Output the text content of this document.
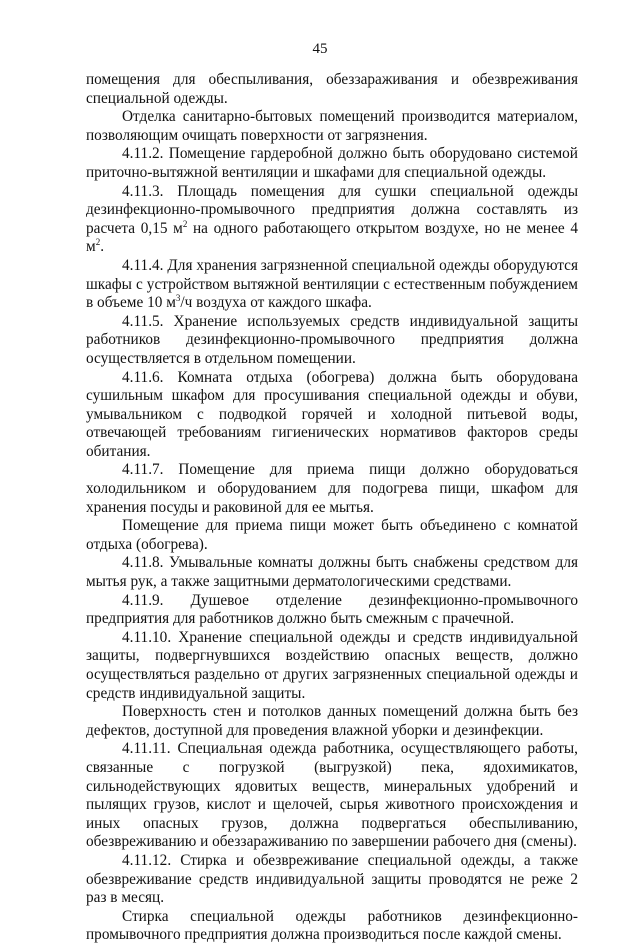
45

помещения для обеспыливания, обеззараживания и обезвреживания специальной одежды.

Отделка санитарно-бытовых помещений производится материалом, позволяющим очищать поверхности от загрязнения.

4.11.2. Помещение гардеробной должно быть оборудовано системой приточно-вытяжной вентиляции и шкафами для специальной одежды.

4.11.3. Площадь помещения для сушки специальной одежды дезинфекционно-промывочного предприятия должна составлять из расчета 0,15 $м^2$ на одного работающего открытом воздухе, но не менее 4 $м^2$.

4.11.4. Для хранения загрязненной специальной одежды оборудуются шкафы с устройством вытяжной вентиляции с естественным побуждением в объеме 10 $м^3/ч$ воздуха от каждого шкафа.

4.11.5. Хранение используемых средств индивидуальной защиты работников дезинфекционно-промывочного предприятия должна осуществляется в отдельном помещении.

4.11.6. Комната отдыха (обогрева) должна быть оборудована сушильным шкафом для просушивания специальной одежды и обуви, умывальником с подводкой горячей и холодной питьевой воды, отвечающей требованиям гигиенических нормативов факторов среды обитания.

4.11.7. Помещение для приема пищи должно оборудоваться холодильником и оборудованием для подогрева пищи, шкафом для хранения посуды и раковиной для ее мытья.

Помещение для приема пищи может быть объединено с комнатой отдыха (обогрева).

4.11.8. Умывальные комнаты должны быть снабжены средством для мытья рук, а также защитными дерматологическими средствами.

4.11.9. Душевое отделение дезинфекционно-промывочного предприятия для работников должно быть смежным с прачечной.

4.11.10. Хранение специальной одежды и средств индивидуальной защиты, подвергнувшихся воздействию опасных веществ, должно осуществляться раздельно от других загрязненных специальной одежды и средств индивидуальной защиты.

Поверхность стен и потолков данных помещений должна быть без дефектов, доступной для проведения влажной уборки и дезинфекции.

4.11.11. Специальная одежда работника, осуществляющего работы, связанные с погрузкой (выгрузкой) пека, ядохимикатов, сильнодействующих ядовитых веществ, минеральных удобрений и пылящих грузов, кислот и щелочей, сырья животного происхождения и иных опасных грузов, должна подвергаться обеспыливанию, обезвреживанию и обеззараживанию по завершении рабочего дня (смены).

4.11.12. Стирка и обезвреживание специальной одежды, а также обезвреживание средств индивидуальной защиты проводятся не реже 2 раз в месяц.

Стирка специальной одежды работников дезинфекционно-промывочного предприятия должна производиться после каждой смены.
